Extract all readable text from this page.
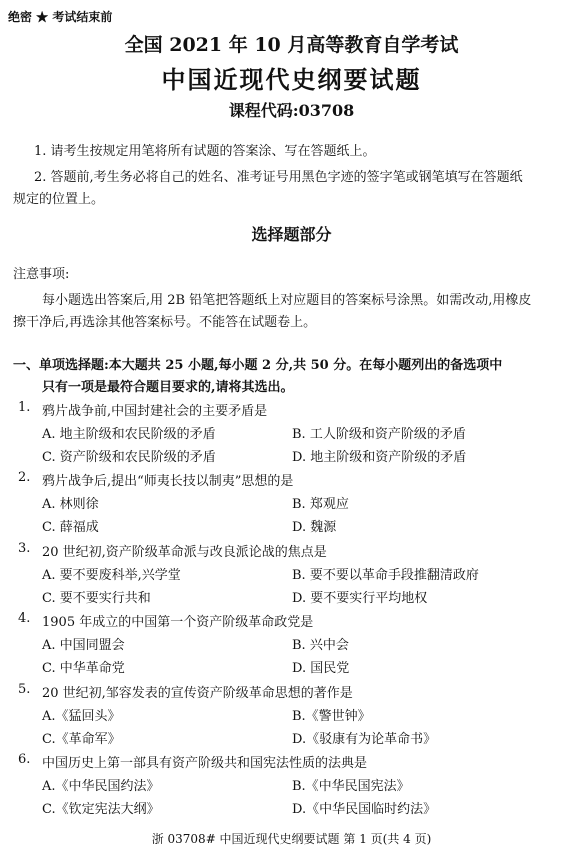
绝密 ★ 考试结束前
全国 2021 年 10 月高等教育自学考试
中国近现代史纲要试题
课程代码:03708
1. 请考生按规定用笔将所有试题的答案涂、写在答题纸上。
2. 答题前,考生务必将自己的姓名、准考证号用黑色字迹的签字笔或钢笔填写在答题纸
规定的位置上。
选择题部分
注意事项:
每小题选出答案后,用 2B 铅笔把答题纸上对应题目的答案标号涂黑。如需改动,用橡皮
擦干净后,再选涂其他答案标号。不能答在试题卷上。
一、单项选择题:本大题共 25 小题,每小题 2 分,共 50 分。在每小题列出的备选项中
只有一项是最符合题目要求的,请将其选出。
1. 鸦片战争前,中国封建社会的主要矛盾是
A. 地主阶级和农民阶级的矛盾	B. 工人阶级和资产阶级的矛盾
C. 资产阶级和农民阶级的矛盾	D. 地主阶级和资产阶级的矛盾
2. 鸦片战争后,提出“师夷长技以制夷”思想的是
A. 林则徐	B. 郑观应
C. 薛福成	D. 魏源
3. 20 世纪初,资产阶级革命派与改良派论战的焦点是
A. 要不要废科举,兴学堂	B. 要不要以革命手段推翻清政府
C. 要不要实行共和	D. 要不要实行平均地权
4. 1905 年成立的中国第一个资产阶级革命政党是
A. 中国同盟会	B. 兴中会
C. 中华革命党	D. 国民党
5. 20 世纪初,邹容发表的宣传资产阶级革命思想的著作是
A.《猛回头》	B.《警世钟》
C.《革命军》	D.《驳康有为论革命书》
6. 中国历史上第一部具有资产阶级共和国宪法性质的法典是
A.《中华民国约法》	B.《中华民国宪法》
C.《钦定宪法大纲》	D.《中华民国临时约法》
浙 03708# 中国近现代史纲要试题 第 1 页(共 4 页)
